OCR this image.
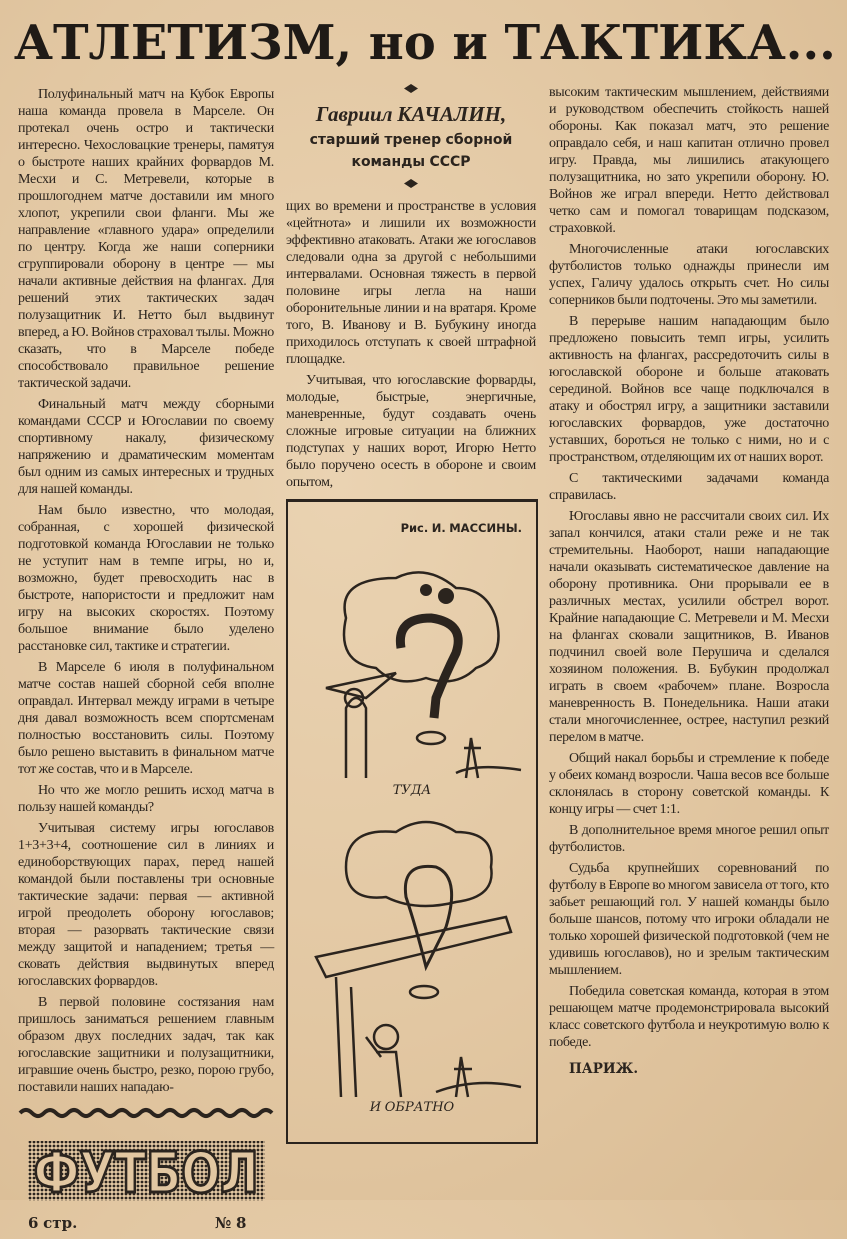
АТЛЕТИЗМ, но и ТАКТИКА...

Полуфинальный матч на Кубок Европы наша команда провела в Марселе. Он протекал очень остро и тактически интересно. Чехословацкие тренеры, памятуя о быстроте наших крайних форвардов М. Месхи и С. Метревели, которые в прошлогоднем матче доставили им много хлопот, укрепили свои фланги. Мы же направление «главного удара» определили по центру. Когда же наши соперники сгруппировали оборону в центре — мы начали активные действия на флангах. Для решений этих тактических задач полузащитник И. Нетто был выдвинут вперед, а Ю. Войнов страховал тылы. Можно сказать, что в Марселе победе способствовало правильное решение тактической задачи.

Финальный матч между сборными командами СССР и Югославии по своему спортивному накалу, физическому напряжению и драматическим моментам был одним из самых интересных и трудных для нашей команды.

Нам было известно, что молодая, собранная, с хорошей физической подготовкой команда Югославии не только не уступит нам в темпе игры, но и, возможно, будет превосходить нас в быстроте, напористости и предложит нам игру на высоких скоростях. Поэтому большое внимание было уделено расстановке сил, тактике и стратегии.

В Марселе 6 июля в полуфинальном матче состав нашей сборной себя вполне оправдал. Интервал между играми в четыре дня давал возможность всем спортсменам полностью восстановить силы. Поэтому было решено выставить в финальном матче тот же состав, что и в Марселе.

Но что же могло решить исход матча в пользу нашей команды?

Учитывая систему игры югославов 1+3+3+4, соотношение сил в линиях и единоборствующих парах, перед нашей командой были поставлены три основные тактические задачи: первая — активной игрой преодолеть оборону югославов; вторая — разорвать тактические связи между защитой и нападением; третья — сковать действия выдвинутых вперед югославских форвардов.

В первой половине состязания нам пришлось заниматься решением главным образом двух последних задач, так как югославские защитники и полузащитники, игравшие очень быстро, резко, порою грубо, поставили наших нападаю-

ФУТБОЛ
6 стр.	№ 8
Гавриил КАЧАЛИН,
старший тренер сборной
команды СССР

щих во времени и пространстве в условия «цейтнота» и лишили их возможности эффективно атаковать. Атаки же югославов следовали одна за другой с небольшими интервалами. Основная тяжесть в первой половине игры легла на наши оборонительные линии и на вратаря. Кроме того, В. Иванову и В. Бубукину иногда приходилось отступать к своей штрафной площадке.

Учитывая, что югославские форварды, молодые, быстрые, энергичные, маневренные, будут создавать очень сложные игровые ситуации на ближних подступах у наших ворот, Игорю Нетто было поручено осесть в обороне и своим опытом,

Рис. И. МАССИНЫ.
ТУДА
И ОБРАТНО

высоким тактическим мышлением, действиями и руководством обеспечить стойкость нашей обороны. Как показал матч, это решение оправдало себя, и наш капитан отлично провел игру. Правда, мы лишились атакующего полузащитника, но зато укрепили оборону. Ю. Войнов же играл впереди. Нетто действовал четко сам и помогал товарищам подсказом, страховкой.

Многочисленные атаки югославских футболистов только однажды принесли им успех, Галичу удалось открыть счет. Но силы соперников были подточены. Это мы заметили.

В перерыве нашим нападающим было предложено повысить темп игры, усилить активность на флангах, рассредоточить силы в югославской обороне и больше атаковать серединой. Войнов все чаще подключался в атаку и обострял игру, а защитники заставили югославских форвардов, уже достаточно уставших, бороться не только с ними, но и с пространством, отделяющим их от наших ворот.

С тактическими задачами команда справилась.

Югославы явно не рассчитали своих сил. Их запал кончился, атаки стали реже и не так стремительны. Наоборот, наши нападающие начали оказывать систематическое давление на оборону противника. Они прорывали ее в различных местах, усилили обстрел ворот. Крайние нападающие С. Метревели и М. Месхи на флангах сковали защитников, В. Иванов подчинил своей воле Перушича и сделался хозяином положения. В. Бубукин продолжал играть в своем «рабочем» плане. Возросла маневренность В. Понедельника. Наши атаки стали многочисленнее, острее, наступил резкий перелом в матче.

Общий накал борьбы и стремление к победе у обеих команд возросли. Чаша весов все больше склонялась в сторону советской команды. К концу игры — счет 1:1.

В дополнительное время многое решил опыт футболистов.

Судьба крупнейших соревнований по футболу в Европе во многом зависела от того, кто забьет решающий гол. У нашей команды было больше шансов, потому что игроки обладали не только хорошей физической подготовкой (чем не удивишь югославов), но и зрелым тактическим мышлением.

Победила советская команда, которая в этом решающем матче продемонстрировала высокий класс советского футбола и неукротимую волю к победе.

ПАРИЖ.
